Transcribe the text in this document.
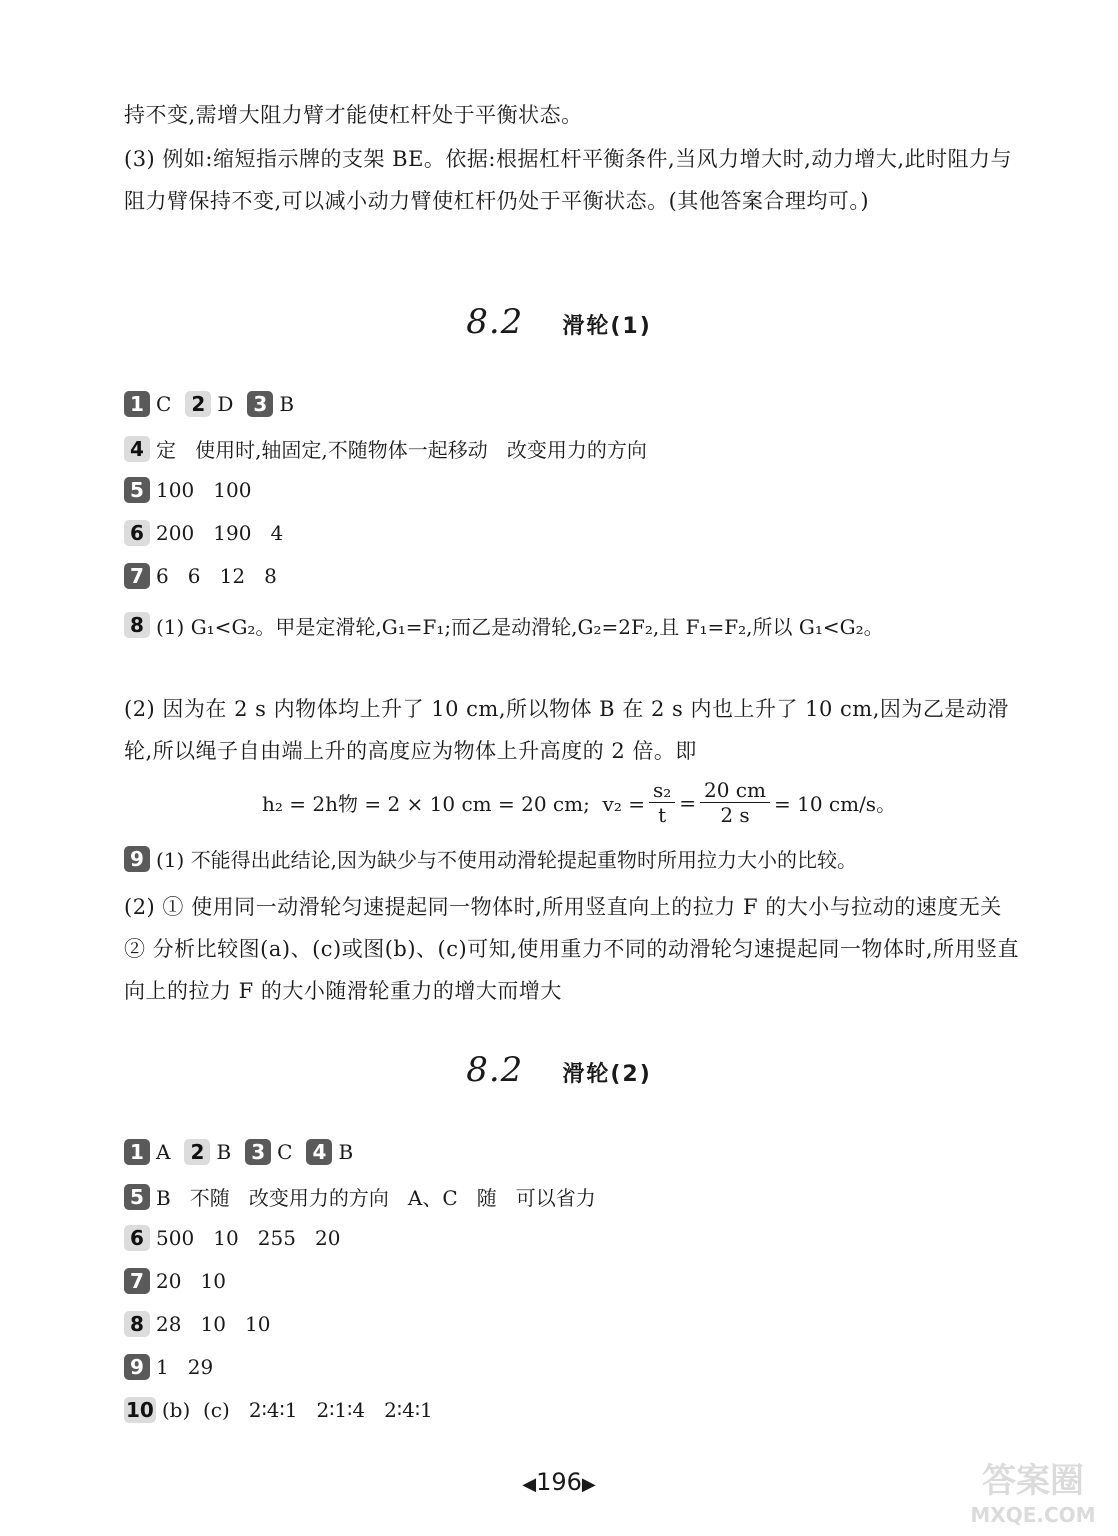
持不变,需增大阻力臂才能使杠杆处于平衡状态。
(3) 例如:缩短指示牌的支架 BE。依据:根据杠杆平衡条件,当风力增大时,动力增大,此时阻力与阻力臂保持不变,可以减小动力臂使杠杆仍处于平衡状态。(其他答案合理均可。)
8.2 滑轮(1)
1 C	2 D	3 B
4 定   使用时,轴固定,不随物体一起移动   改变用力的方向
5 100   100
6 200   190   4
7 6   6   12   8
8 (1) G₁<G₂。甲是定滑轮,G₁=F₁;而乙是动滑轮,G₂=2F₂,且 F₁=F₂,所以 G₁<G₂。
(2) 因为在 2 s 内物体均上升了 10 cm,所以物体 B 在 2 s 内也上升了 10 cm,因为乙是动滑轮,所以绳子自由端上升的高度应为物体上升高度的 2 倍。即
h₂ = 2h物 = 2 × 10 cm = 20 cm;  $v_2 = \frac{\text{s₂}}{t} = \frac{20 cm}{2 s} = 10$ cm/s。
9 (1) 不能得出此结论,因为缺少与不使用动滑轮提起重物时所用拉力大小的比较。
(2) ① 使用同一动滑轮匀速提起同一物体时,所用竖直向上的拉力 F 的大小与拉动的速度无关 ② 分析比较图(a)、(c)或图(b)、(c)可知,使用重力不同的动滑轮匀速提起同一物体时,所用竖直向上的拉力 F 的大小随滑轮重力的增大而增大
8.2 滑轮(2)
1 A	2 B	3 C	4 B
5 B   不随   改变用力的方向   A、C   随   可以省力
6 500   10   255   20
7 20   10
8 28   10   10
9 1   29
10 (b)  (c)   2∶4∶1   2∶1∶4   2∶4∶1
◀196▶	答案圈
MXQE.COM
